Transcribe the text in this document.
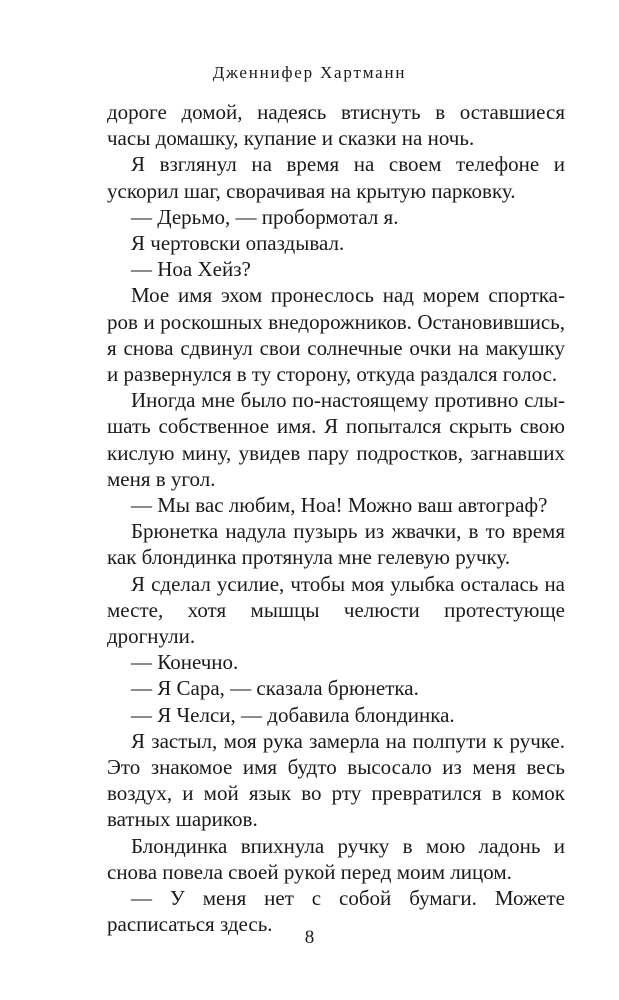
Дженнифер Хартманн

дороге домой, надеясь втиснуть в оставшиеся часы домашку, купание и сказки на ночь.

Я взглянул на время на своем телефоне и ускорил шаг, сворачивая на крытую парковку.

— Дерьмо, — пробормотал я.

Я чертовски опаздывал.

— Ноа Хейз?

Мое имя эхом пронеслось над морем спорткаров и роскошных внедорожников. Остановившись, я снова сдвинул свои солнечные очки на макушку и развернулся в ту сторону, откуда раздался голос.

Иногда мне было по-настоящему противно слышать собственное имя. Я попытался скрыть свою кислую мину, увидев пару подростков, загнавших меня в угол.

— Мы вас любим, Ноа! Можно ваш автограф?

Брюнетка надула пузырь из жвачки, в то время как блондинка протянула мне гелевую ручку.

Я сделал усилие, чтобы моя улыбка осталась на месте, хотя мышцы челюсти протестующе дрогнули.

— Конечно.

— Я Сара, — сказала брюнетка.

— Я Челси, — добавила блондинка.

Я застыл, моя рука замерла на полпути к ручке. Это знакомое имя будто высосало из меня весь воздух, и мой язык во рту превратился в комок ватных шариков.

Блондинка впихнула ручку в мою ладонь и снова повела своей рукой перед моим лицом.

— У меня нет с собой бумаги. Можете расписаться здесь.

8
